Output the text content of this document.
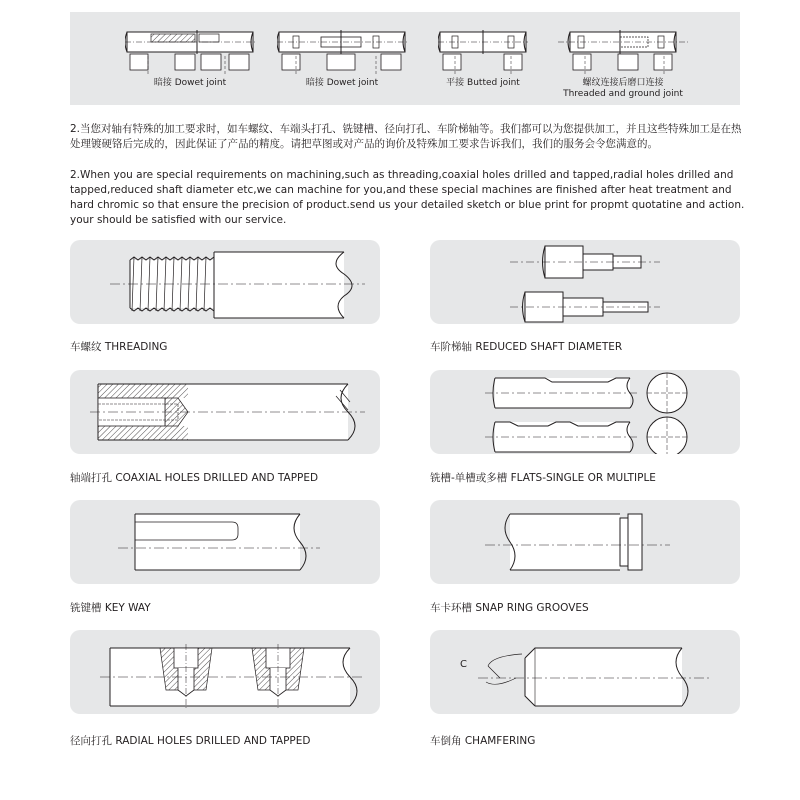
暗接 Dowet joint	暗接 Dowet joint	平接 Butted joint	螺纹连接后磨口连接
Threaded and ground joint

2.当您对轴有特殊的加工要求时，如车螺纹、车端头打孔、铣键槽、径向打孔、车阶梯轴等。我们都可以为您提供加工，并且这些特殊加工是在热处理镀硬铬后完成的，因此保证了产品的精度。请把草图或对产品的询价及特殊加工要求告诉我们，我们的服务会令您满意的。

2.When you are special requirements on machining,such as threading,coaxial holes drilled and tapped,radial holes drilled and tapped,reduced shaft diameter etc,we can machine for you,and these special machines are finished after heat treatment and hard chromic so that ensure the precision of product.send us your detailed sketch or blue print for propmt quotatine and action. your should be satisfied with our service.

车螺纹 THREADING	车阶梯轴 REDUCED SHAFT DIAMETER
轴端打孔 COAXIAL HOLES DRILLED AND TAPPED	铣槽-单槽或多槽 FLATS-SINGLE OR MULTIPLE
铣键槽 KEY WAY	车卡环槽 SNAP RING GROOVES
径向打孔 RADIAL HOLES DRILLED AND TAPPED
C
车倒角 CHAMFERING
